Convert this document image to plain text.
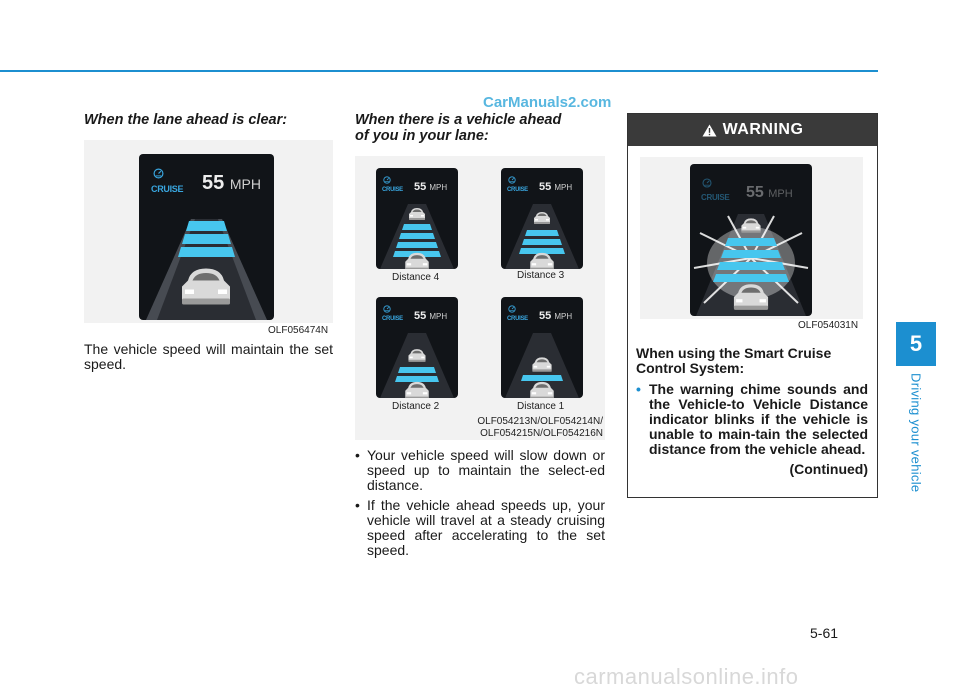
CarManuals2.com
When the lane ahead is clear:
CRUISE 55 MPH
OLF056474N
The vehicle speed will maintain the set speed.
When there is a vehicle ahead
of you in your lane:
CRUISE 55 MPH	CRUISE 55 MPH
Distance 4	Distance 3
CRUISE 55 MPH	CRUISE 55 MPH
Distance 2	Distance 1
OLF054213N/OLF054214N/
OLF054215N/OLF054216N
• Your vehicle speed will slow down or speed up to maintain the select-ed distance.
• If the vehicle ahead speeds up, your vehicle will travel at a steady cruising speed after accelerating to the set speed.
WARNING
CRUISE 55 MPH
OLF054031N
When using the Smart Cruise Control System:
• The warning chime sounds and the Vehicle-to Vehicle Distance indicator blinks if the vehicle is unable to main-tain the selected distance from the vehicle ahead.
(Continued)
5
Driving your vehicle
5-61
carmanualsonline.info
